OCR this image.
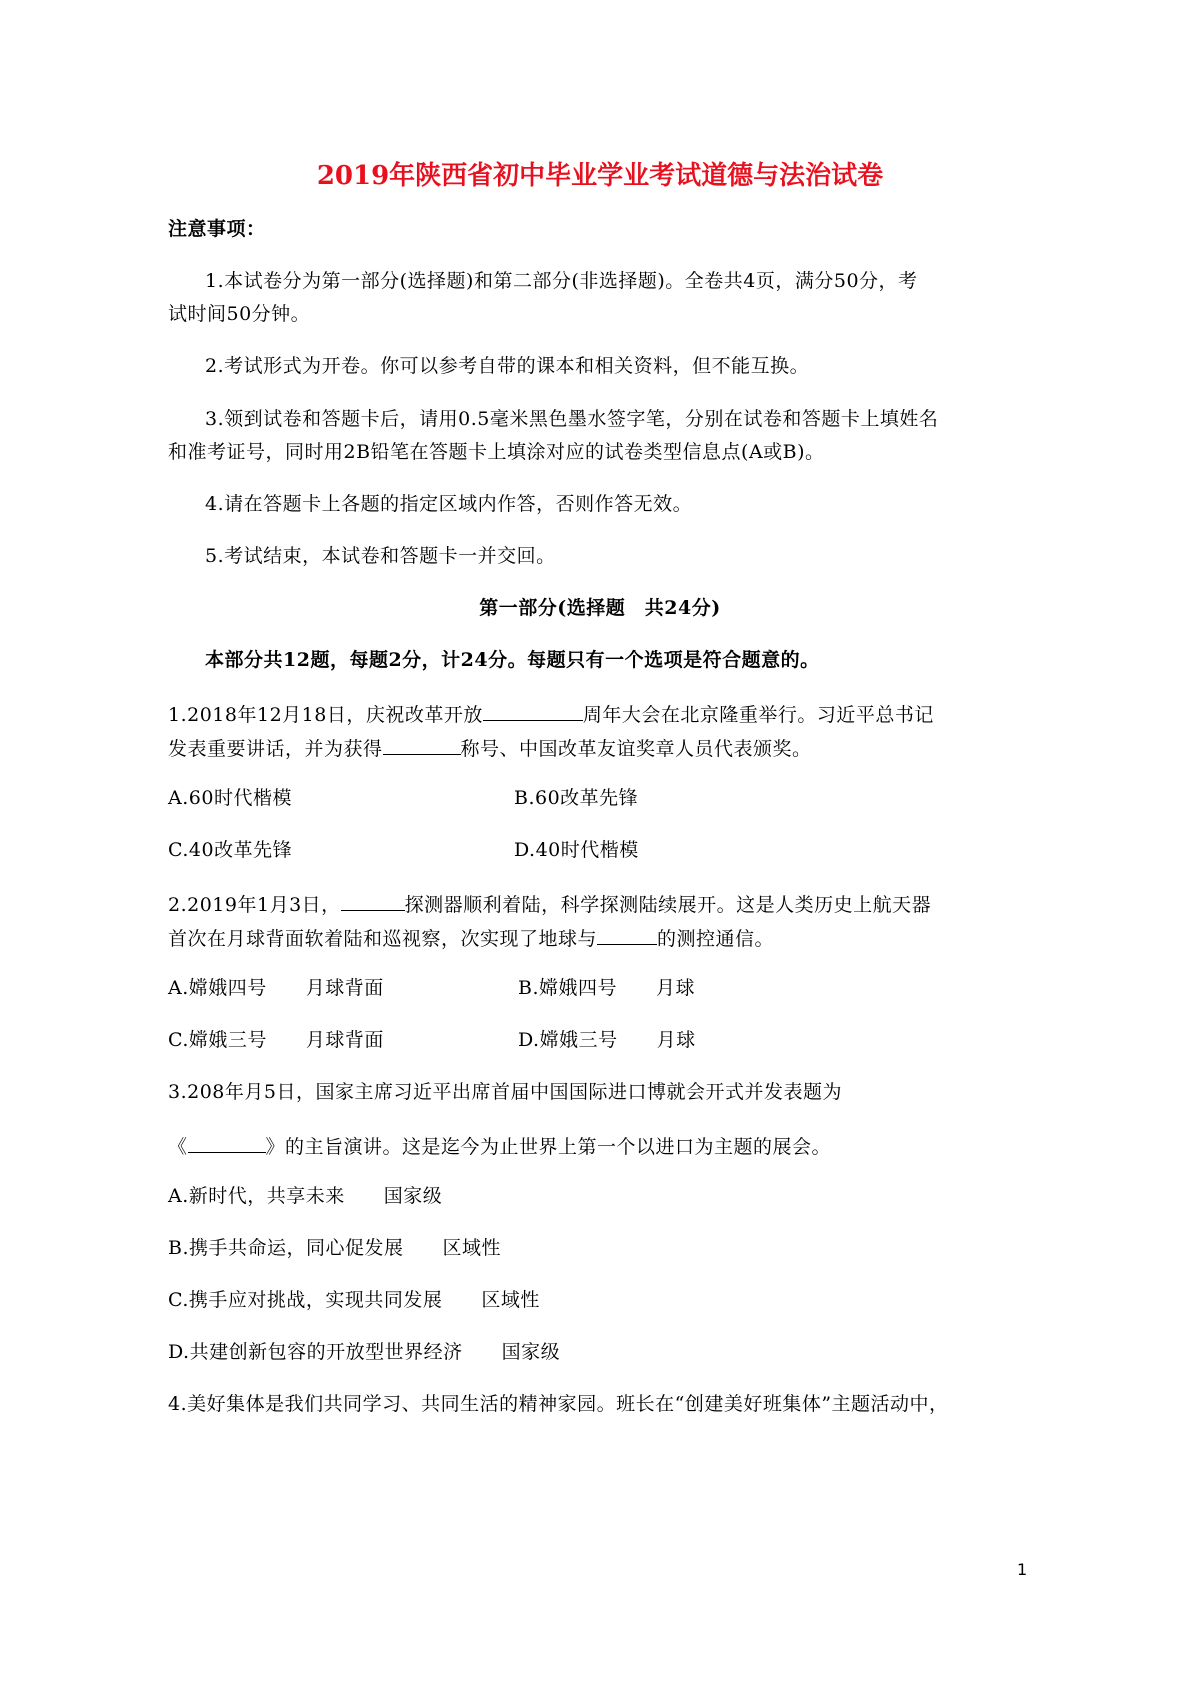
2019年陕西省初中毕业学业考试道德与法治试卷
注意事项：
1.本试卷分为第一部分(选择题)和第二部分(非选择题)。全卷共4页，满分50分，考
试时间50分钟。
2.考试形式为开卷。你可以参考自带的课本和相关资料，但不能互换。
3.领到试卷和答题卡后，请用0.5毫米黑色墨水签字笔，分别在试卷和答题卡上填姓名
和准考证号，同时用2B铅笔在答题卡上填涂对应的试卷类型信息点(A或B)。
4.请在答题卡上各题的指定区域内作答，否则作答无效。
5.考试结束，本试卷和答题卡一并交回。
第一部分(选择题　共24分)
本部分共12题，每题2分，计24分。每题只有一个选项是符合题意的。
1.2018年12月18日，庆祝改革开放	周年大会在北京隆重举行。习近平总书记
发表重要讲话，并为获得	称号、中国改革友谊奖章人员代表颁奖。
A.60时代楷模	B.60改革先锋
C.40改革先锋	D.40时代楷模
2.2019年1月3日，	探测器顺利着陆，科学探测陆续展开。这是人类历史上航天器
首次在月球背面软着陆和巡视察，次实现了地球与	的测控通信。
A.嫦娥四号　　月球背面	B.嫦娥四号　　月球
C.嫦娥三号　　月球背面	D.嫦娥三号　　月球
3.208年月5日，国家主席习近平出席首届中国国际进口博就会开式并发表题为
《	》的主旨演讲。这是迄今为止世界上第一个以进口为主题的展会。
A.新时代，共享未来　　国家级
B.携手共命运，同心促发展　　区域性
C.携手应对挑战，实现共同发展　　区域性
D.共建创新包容的开放型世界经济　　国家级
4.美好集体是我们共同学习、共同生活的精神家园。班长在“创建美好班集体”主题活动中，
1
